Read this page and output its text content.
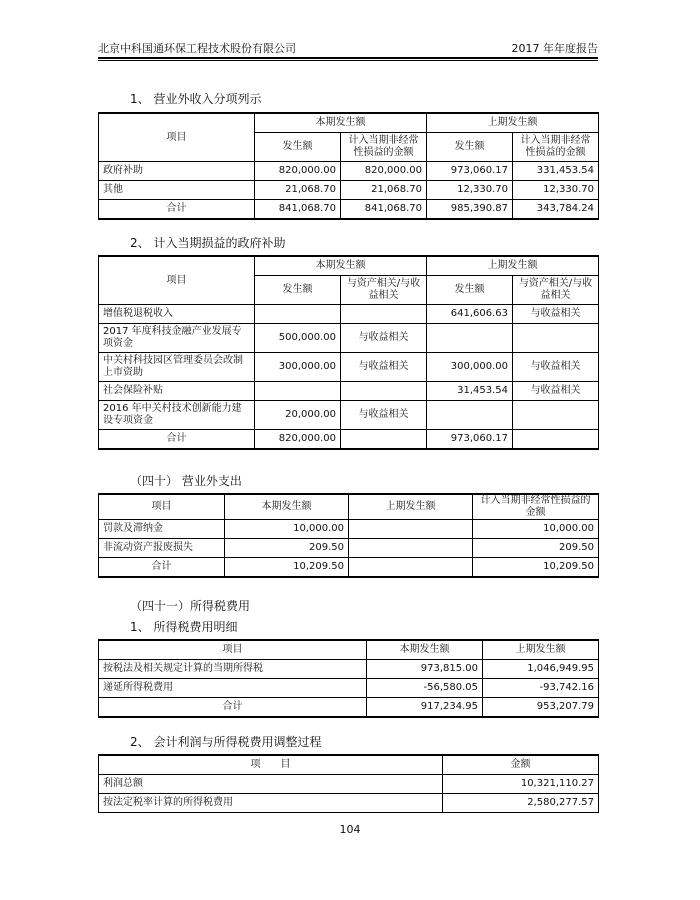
北京中科国通环保工程技术股份有限公司	2017 年年度报告
1、 营业外收入分项列示
项目	本期发生额		上期发生额	
	发生额	计入当期非经常性损益的金额	发生额	计入当期非经常性损益的金额
政府补助	820,000.00	820,000.00	973,060.17	331,453.54
其他	21,068.70	21,068.70	12,330.70	12,330.70
合计	841,068.70	841,068.70	985,390.87	343,784.24
2、 计入当期损益的政府补助
项目	本期发生额		上期发生额	
	发生额	与资产相关/与收益相关	发生额	与资产相关/与收益相关
增值税退税收入			641,606.63	与收益相关
2017 年度科技金融产业发展专项资金	500,000.00	与收益相关		
中关村科技园区管理委员会改制上市资助	300,000.00	与收益相关	300,000.00	与收益相关
社会保险补贴			31,453.54	与收益相关
2016 年中关村技术创新能力建设专项资金	20,000.00	与收益相关		
合计	820,000.00		973,060.17	
（四十） 营业外支出
项目	本期发生额	上期发生额	计入当期非经常性损益的金额
罚款及滞纳金	10,000.00		10,000.00
非流动资产报废损失	209.50		209.50
合计	10,209.50		10,209.50
（四十一）所得税费用
1、 所得税费用明细
项目	本期发生额	上期发生额
按税法及相关规定计算的当期所得税	973,815.00	1,046,949.95
递延所得税费用	-56,580.05	-93,742.16
合计	917,234.95	953,207.79
2、 会计利润与所得税费用调整过程
项　　目	金额
利润总额	10,321,110.27
按法定税率计算的所得税费用	2,580,277.57
104
